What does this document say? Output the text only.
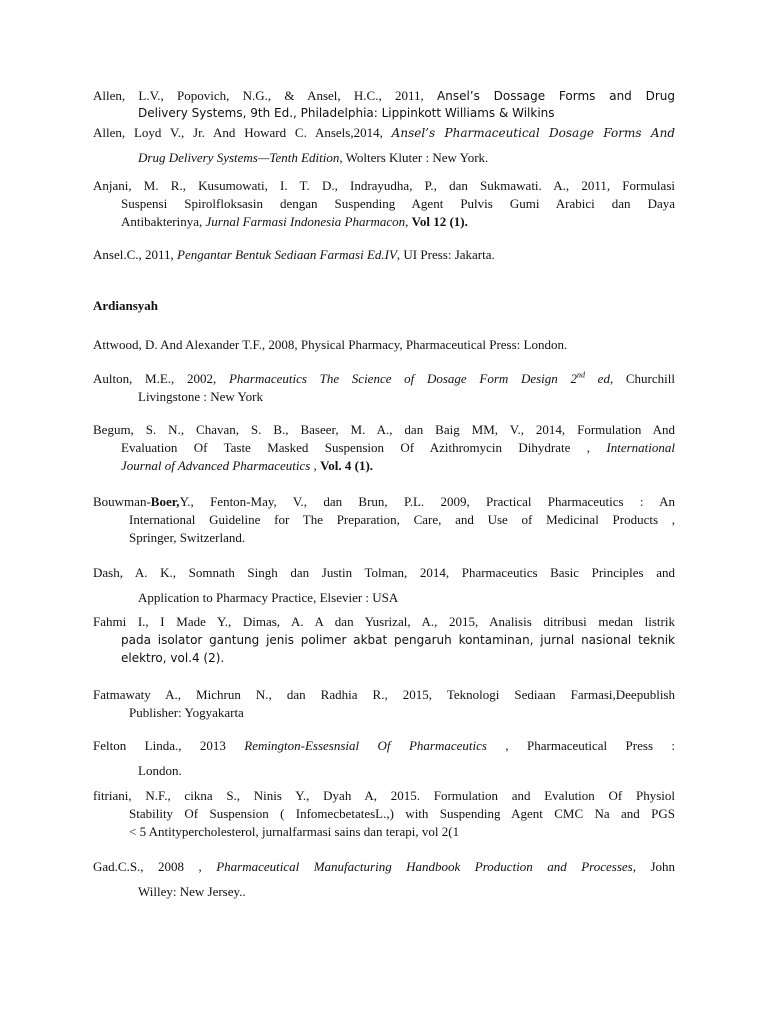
Allen, L.V., Popovich, N.G., & Ansel, H.C., 2011, Ansel’s Dossage Forms and Drug
Delivery Systems, 9th Ed., Philadelphia: Lippinkott Williams & Wilkins
Allen, Loyd V., Jr. And Howard C. Ansels,2014, Ansel’s Pharmaceutical Dosage Forms And
Drug Delivery Systems—Tenth Edition, Wolters Kluter : New York.
Anjani, M. R., Kusumowati, I. T. D., Indrayudha, P., dan Sukmawati. A., 2011, Formulasi
Suspensi Spirolfloksasin dengan Suspending Agent Pulvis Gumi Arabici dan Daya
Antibakterinya, Jurnal Farmasi Indonesia Pharmacon, Vol 12 (1).
Ansel.C., 2011, Pengantar Bentuk Sediaan Farmasi Ed.IV, UI Press: Jakarta.
Ardiansyah
Attwood, D. And Alexander T.F., 2008, Physical Pharmacy, Pharmaceutical Press: London.
Aulton, M.E., 2002, Pharmaceutics The Science of Dosage Form Design 2nd ed, Churchill
Livingstone : New York
Begum, S. N., Chavan, S. B., Baseer, M. A., dan Baig MM, V., 2014, Formulation And
Evaluation Of Taste Masked Suspension Of Azithromycin Dihydrate , International
Journal of Advanced Pharmaceutics , Vol. 4 (1).
Bouwman-Boer,Y., Fenton-May, V., dan Brun, P.L. 2009, Practical Pharmaceutics : An
International Guideline for The Preparation, Care, and Use of Medicinal Products ,
Springer, Switzerland.
Dash, A. K., Somnath Singh dan Justin Tolman, 2014, Pharmaceutics Basic Principles and
Application to Pharmacy Practice, Elsevier : USA
Fahmi I., I Made Y., Dimas, A. A dan Yusrizal, A., 2015, Analisis ditribusi medan listrik
pada isolator gantung jenis polimer akbat pengaruh kontaminan, jurnal nasional teknik
elektro, vol.4 (2).
Fatmawaty A., Michrun N., dan Radhia R., 2015, Teknologi Sediaan Farmasi,Deepublish
Publisher: Yogyakarta
Felton Linda., 2013 Remington-Essesnsial Of Pharmaceutics , Pharmaceutical Press :
London.
fitriani, N.F., cikna S., Ninis Y., Dyah A, 2015. Formulation and Evalution Of Physiol
Stability Of Suspension ( InfomecbetatesL.,) with Suspending Agent CMC Na and PGS
< 5 Antitypercholesterol, jurnalfarmasi sains dan terapi, vol 2(1
Gad.C.S., 2008 , Pharmaceutical Manufacturing Handbook Production and Processes, John
Willey: New Jersey..
